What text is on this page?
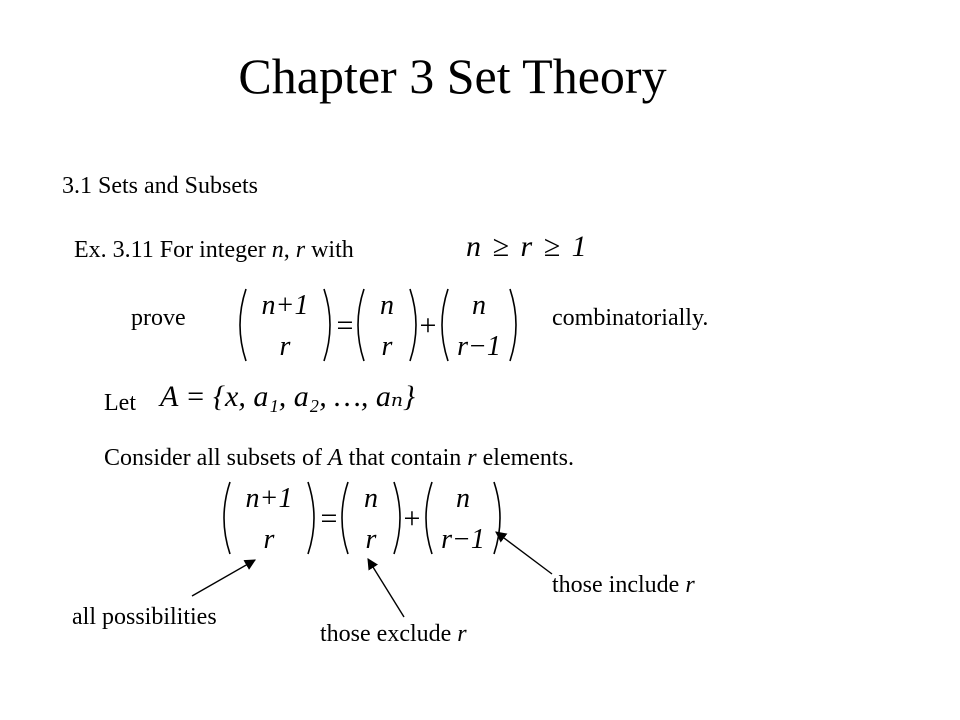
Chapter 3 Set Theory
3.1 Sets and Subsets
Ex. 3.11 For integer n, r with	n ≥ r ≥ 1
prove	n+1
r
=
n
r
+
n
r−1
combinatorially.
Let A = {x, a₁, a₂, …, aₙ}
Consider all subsets of A that contain r elements.
n+1
r
=
n
r
+
n
r−1
all possibilities
those exclude r
those include r
